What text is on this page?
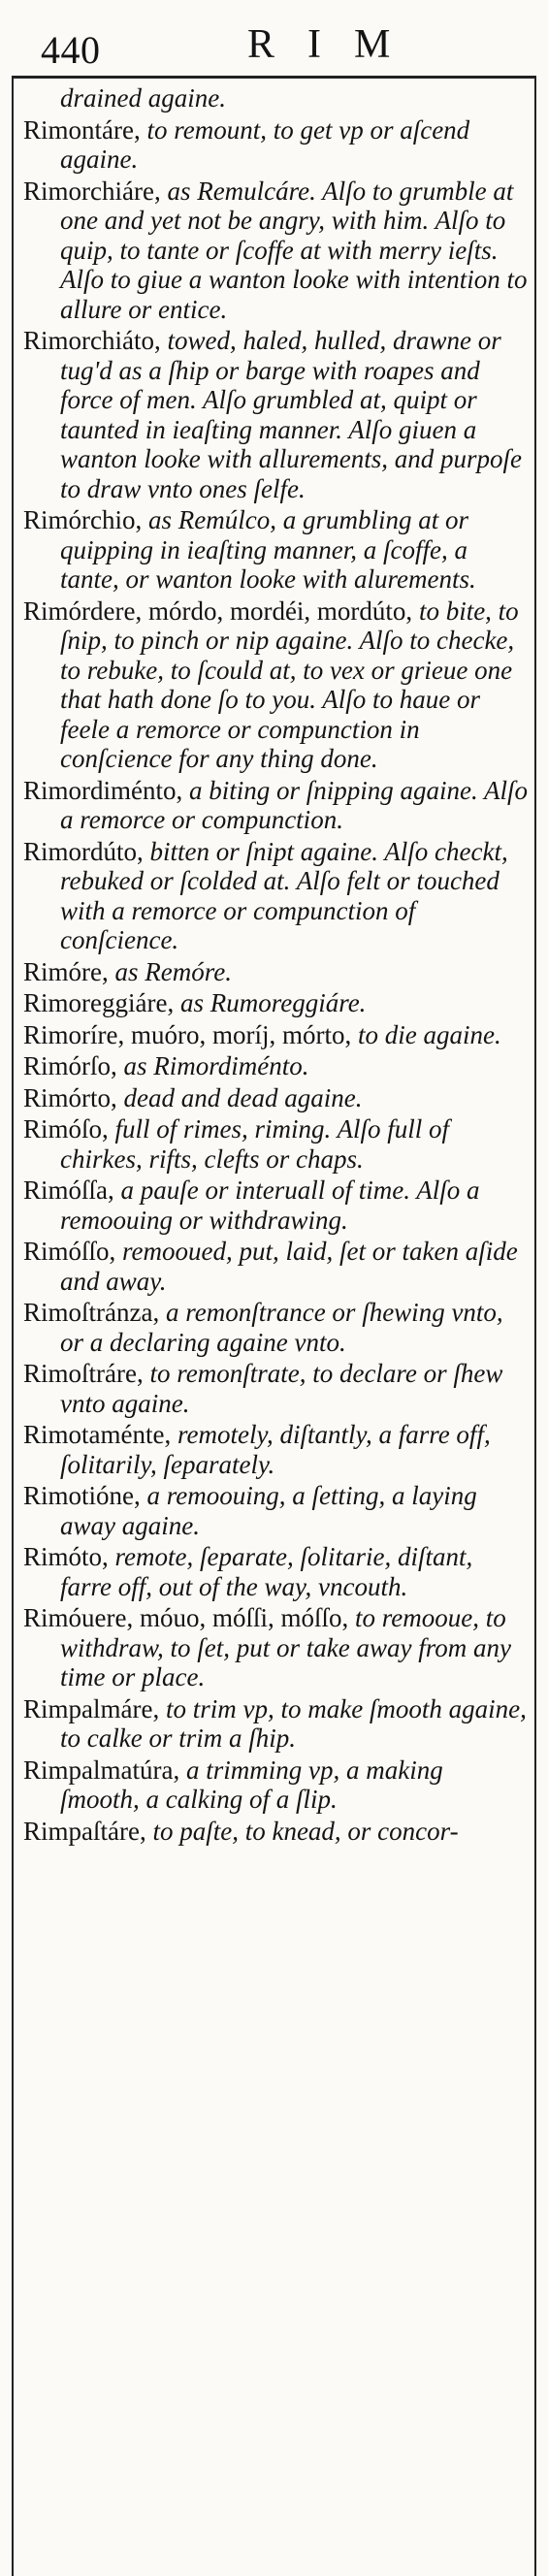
440	RIM

drained againe.

Rimontáre, to remount, to get vp or aſcend againe.

Rimorchiáre, as Remulcáre. Alſo to grumble at one and yet not be angry, with him. Alſo to quip, to tante or ſcoffe at with merry ieſts. Alſo to giue a wanton looke with intention to allure or entice.

Rimorchiáto, towed, haled, hulled, drawne or tug'd as a ſhip or barge with roapes and force of men. Alſo grumbled at, quipt or taunted in ieaſting manner. Alſo giuen a wanton looke with allurements, and purpoſe to draw vnto ones ſelfe.

Rimórchio, as Remúlco, a grumbling at or quipping in ieaſting manner, a ſcoffe, a tante, or wanton looke with alurements.

Rimórdere, mórdo, mordéi, mordúto, to bite, to ſnip, to pinch or nip againe. Alſo to checke, to rebuke, to ſcould at, to vex or grieue one that hath done ſo to you. Alſo to haue or feele a remorce or compunction in conſcience for any thing done.

Rimordiménto, a biting or ſnipping againe. Alſo a remorce or compunction.

Rimordúto, bitten or ſnipt againe. Alſo checkt, rebuked or ſcolded at. Alſo felt or touched with a remorce or compunction of conſcience.

Rimóre, as Remóre.

Rimoreggiáre, as Rumoreggiáre.

Rimoríre, muóro, moríj, mórto, to die againe.

Rimórſo, as Rimordiménto.

Rimórto, dead and dead againe.

Rimóſo, full of rimes, riming. Alſo full of chirkes, rifts, clefts or chaps.

Rimóſſa, a pauſe or interuall of time. Alſo a remoouing or withdrawing.

Rimóſſo, remooued, put, laid, ſet or taken aſide and away.

Rimoſtránza, a remonſtrance or ſhewing vnto, or a declaring againe vnto.

Rimoſtráre, to remonſtrate, to declare or ſhew vnto againe.

Rimotaménte, remotely, diſtantly, a farre off, ſolitarily, ſeparately.

Rimotióne, a remoouing, a ſetting, a laying away againe.

Rimóto, remote, ſeparate, ſolitarie, diſtant, farre off, out of the way, vncouth.

Rimóuere, móuo, móſſi, móſſo, to remooue, to withdraw, to ſet, put or take away from any time or place.

Rimpalmáre, to trim vp, to make ſmooth againe, to calke or trim a ſhip.

Rimpalmatúra, a trimming vp, a making ſmooth, a calking of a ſlip.

Rimpaſtáre, to paſte, to knead, or concor-
